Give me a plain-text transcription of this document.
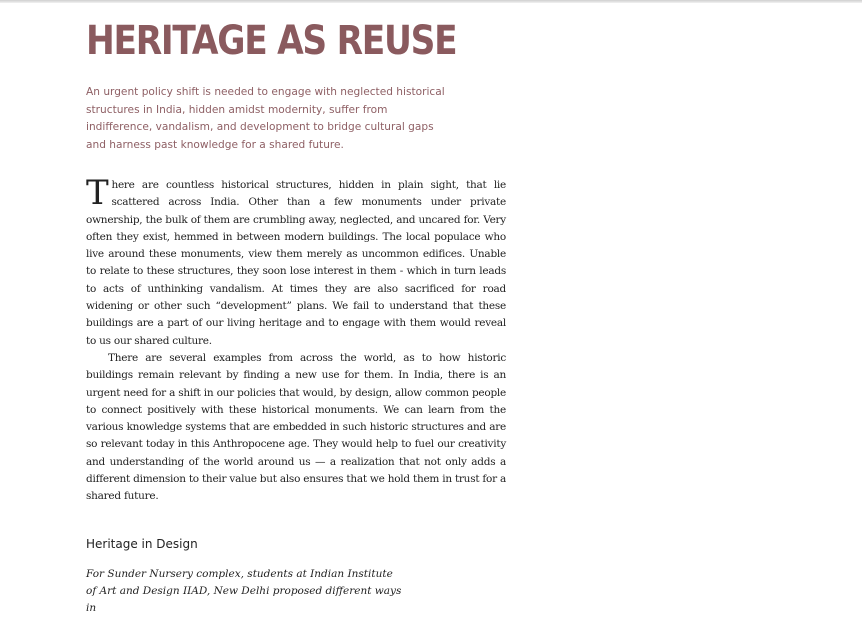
HERITAGE AS REUSE

An urgent policy shift is needed to engage with neglected historical structures in India, hidden amidst modernity, suffer from indifference, vandalism, and development to bridge cultural gaps and harness past knowledge for a shared future.

There are countless historical structures, hidden in plain sight, that lie scattered across India. Other than a few monuments under private ownership, the bulk of them are crumbling away, neglected, and uncared for. Very often they exist, hemmed in between modern buildings. The local populace who live around these monuments, view them merely as uncommon edifices. Unable to relate to these structures, they soon lose interest in them - which in turn leads to acts of unthinking vandalism. At times they are also sacrificed for road widening or other such “development” plans. We fail to understand that these buildings are a part of our living heritage and to engage with them would reveal to us our shared culture.

There are several examples from across the world, as to how historic buildings remain relevant by finding a new use for them. In India, there is an urgent need for a shift in our policies that would, by design, allow common people to connect positively with these historical monuments. We can learn from the various knowledge systems that are embedded in such historic structures and are so relevant today in this Anthropocene age. They would help to fuel our creativity and understanding of the world around us — a realization that not only adds a different dimension to their value but also ensures that we hold them in trust for a shared future.

Heritage in Design

For Sunder Nursery complex, students at Indian Institute of Art and Design IIAD, New Delhi proposed different ways in
